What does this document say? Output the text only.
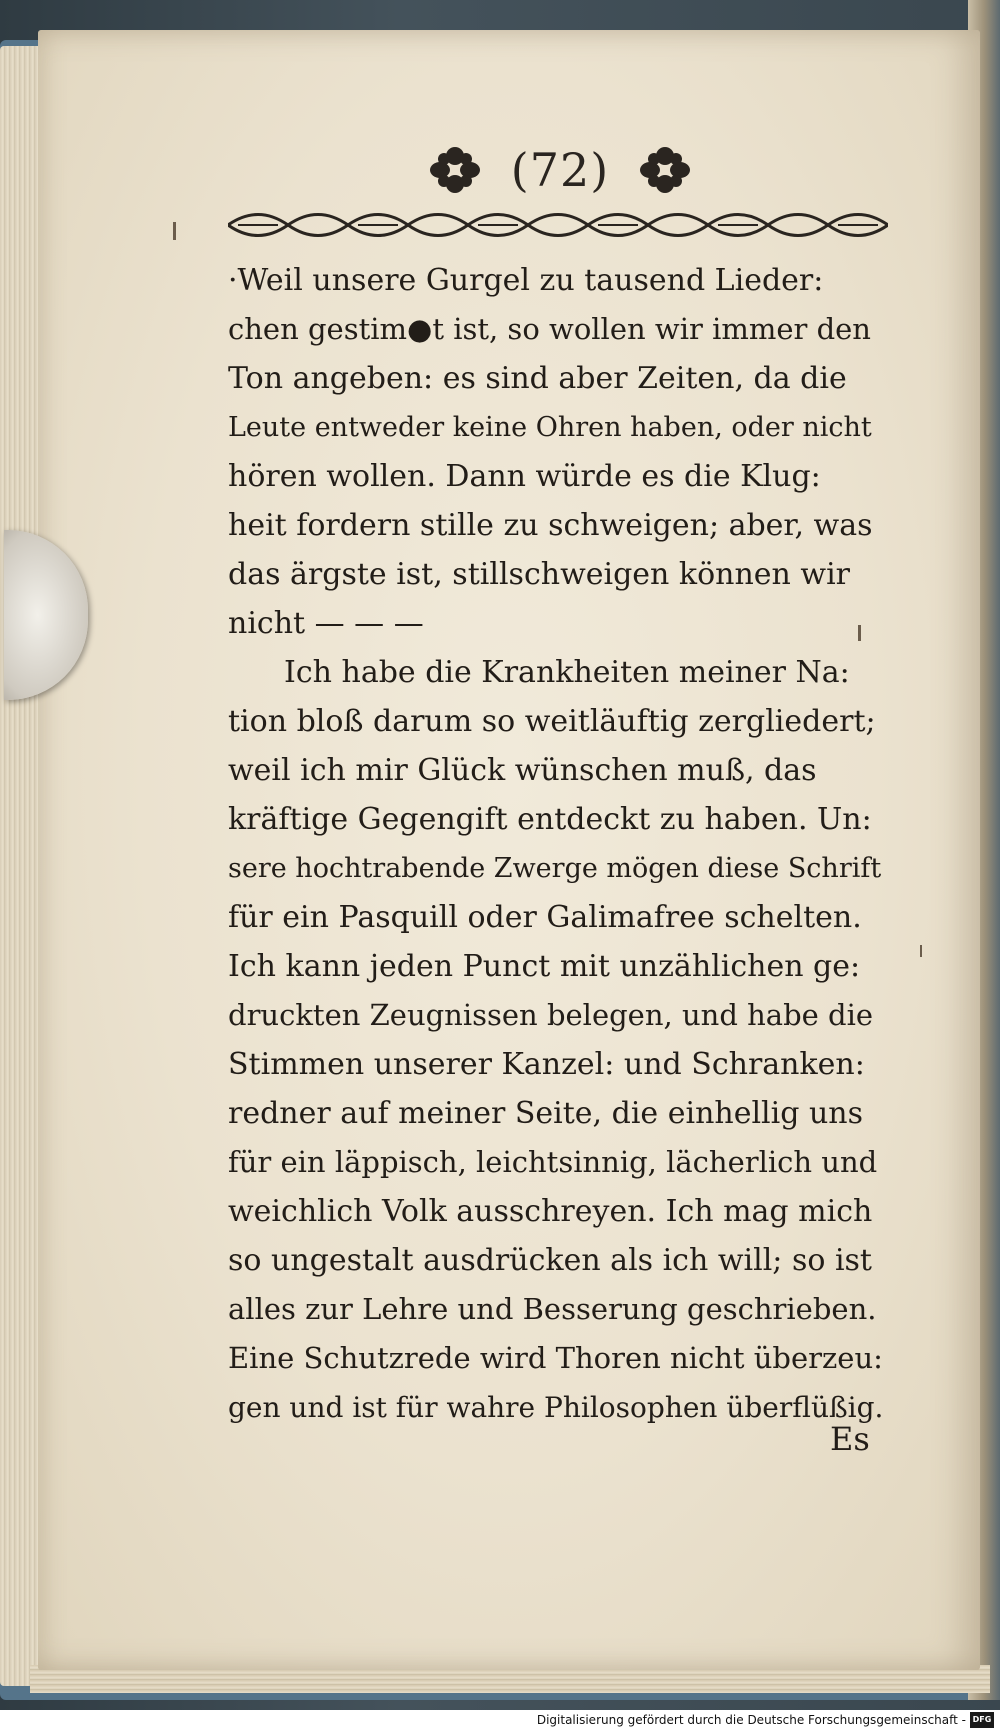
(72)
·Weil unsere Gurgel zu tausend Lieder:
chen gestim●t ist, so wollen wir immer den
Ton angeben: es sind aber Zeiten, da die
Leute entweder keine Ohren haben, oder nicht
hören wollen. Dann würde es die Klug:
heit fordern stille zu schweigen; aber, was
das ärgste ist, stillschweigen können wir
nicht — — —
Ich habe die Krankheiten meiner Na:
tion bloß darum so weitläuftig zergliedert;
weil ich mir Glück wünschen muß, das
kräftige Gegengift entdeckt zu haben. Un:
sere hochtrabende Zwerge mögen diese Schrift
für ein Pasquill oder Galimafree schelten.
Ich kann jeden Punct mit unzählichen ge:
druckten Zeugnissen belegen, und habe die
Stimmen unserer Kanzel: und Schranken:
redner auf meiner Seite, die einhellig uns
für ein läppisch, leichtsinnig, lächerlich und
weichlich Volk ausschreyen. Ich mag mich
so ungestalt ausdrücken als ich will; so ist
alles zur Lehre und Besserung geschrieben.
Eine Schutzrede wird Thoren nicht überzeu:
gen und ist für wahre Philosophen überflüßig.
Es
Digitalisierung gefördert durch die Deutsche Forschungsgemeinschaft - DFG
